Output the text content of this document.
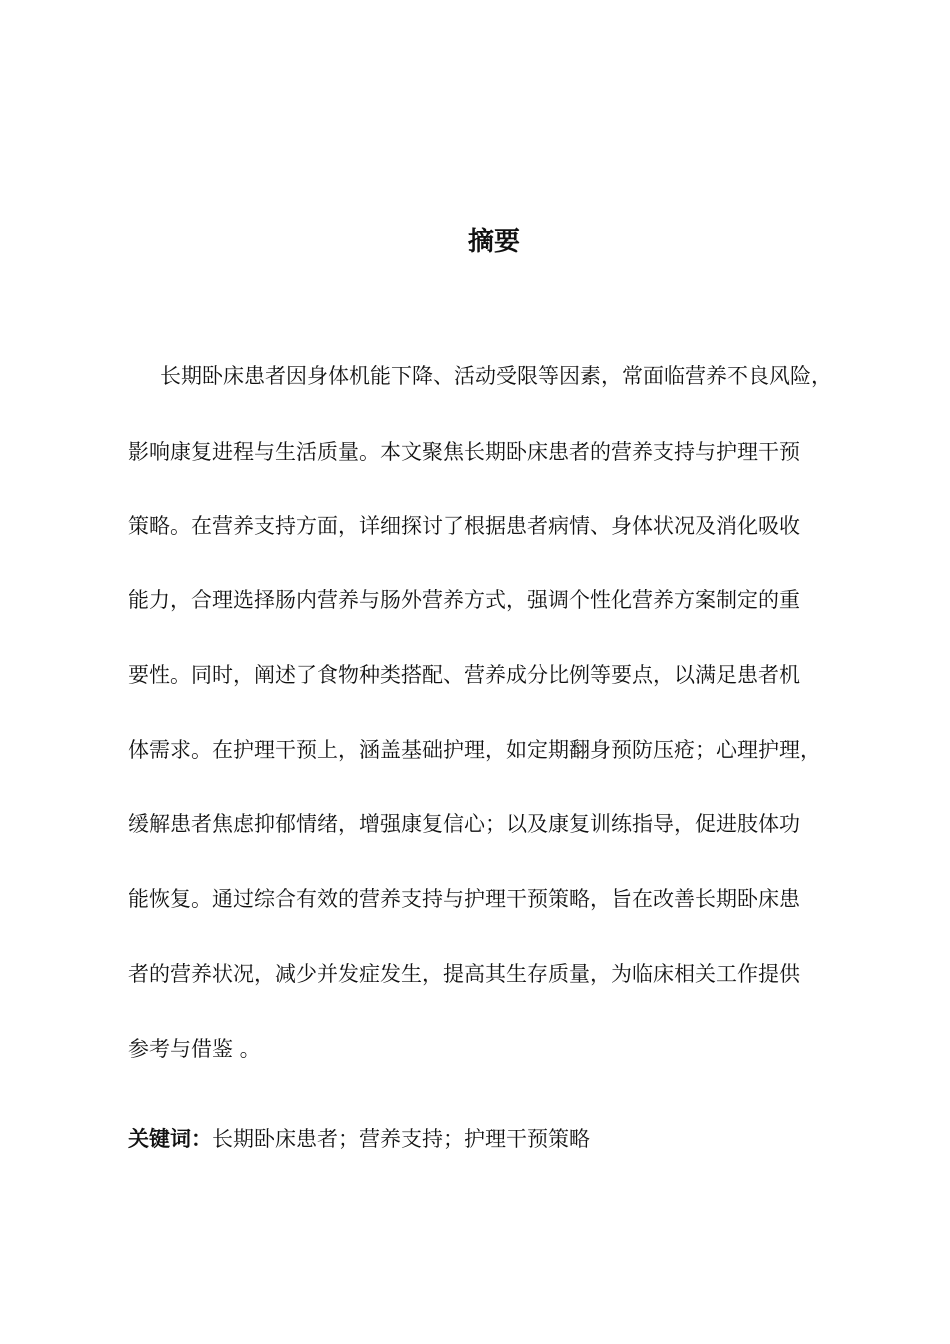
摘要
长期卧床患者因身体机能下降、活动受限等因素，常面临营养不良风险，
影响康复进程与生活质量。本文聚焦长期卧床患者的营养支持与护理干预
策略。在营养支持方面，详细探讨了根据患者病情、身体状况及消化吸收
能力，合理选择肠内营养与肠外营养方式，强调个性化营养方案制定的重
要性。同时，阐述了食物种类搭配、营养成分比例等要点，以满足患者机
体需求。在护理干预上，涵盖基础护理，如定期翻身预防压疮；心理护理，
缓解患者焦虑抑郁情绪，增强康复信心；以及康复训练指导，促进肢体功
能恢复。通过综合有效的营养支持与护理干预策略，旨在改善长期卧床患
者的营养状况，减少并发症发生，提高其生存质量，为临床相关工作提供
参考与借鉴 。
关键词：长期卧床患者；营养支持；护理干预策略
